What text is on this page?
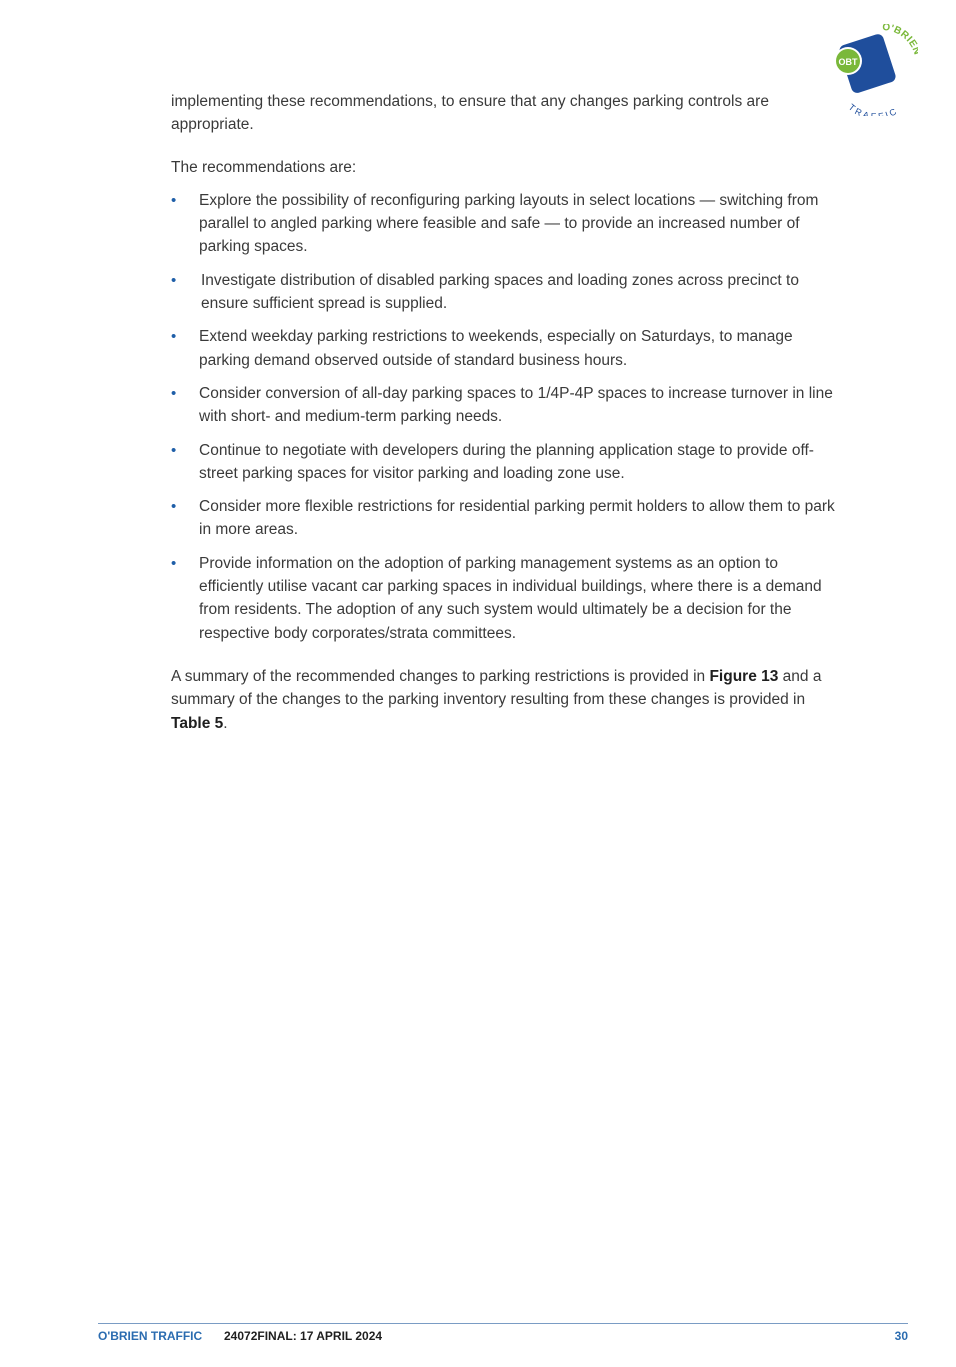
OBT
O'BRIE
TRA FIC

implementing these recommendations, to ensure that any changes parking controls are appropriate.

The recommendations are:

• Explore the possibility of reconfiguring parking layouts in select locations — switching from parallel to angled parking where feasible and safe — to provide an increased number of parking spaces.
• Investigate distribution of disabled parking spaces and loading zones across precinct to ensure sufficient spread is supplied.
• Extend weekday parking restrictions to weekends, especially on Saturdays, to manage parking demand observed outside of standard business hours.
• Consider conversion of all-day parking spaces to 1/4P-4P spaces to increase turnover in line with short- and medium-term parking needs.
• Continue to negotiate with developers during the planning application stage to provide off-street parking spaces for visitor parking and loading zone use.
• Consider more flexible restrictions for residential parking permit holders to allow them to park in more areas.
• Provide information on the adoption of parking management systems as an option to efficiently utilise vacant car parking spaces in individual buildings, where there is a demand from residents. The adoption of any such system would ultimately be a decision for the respective body corporates/strata committees.

A summary of the recommended changes to parking restrictions is provided in Figure 13 and a summary of the changes to the parking inventory resulting from these changes is provided in Table 5.

O'BRIEN TRAFFIC 24072FINAL: 17 APRIL 2024	30
